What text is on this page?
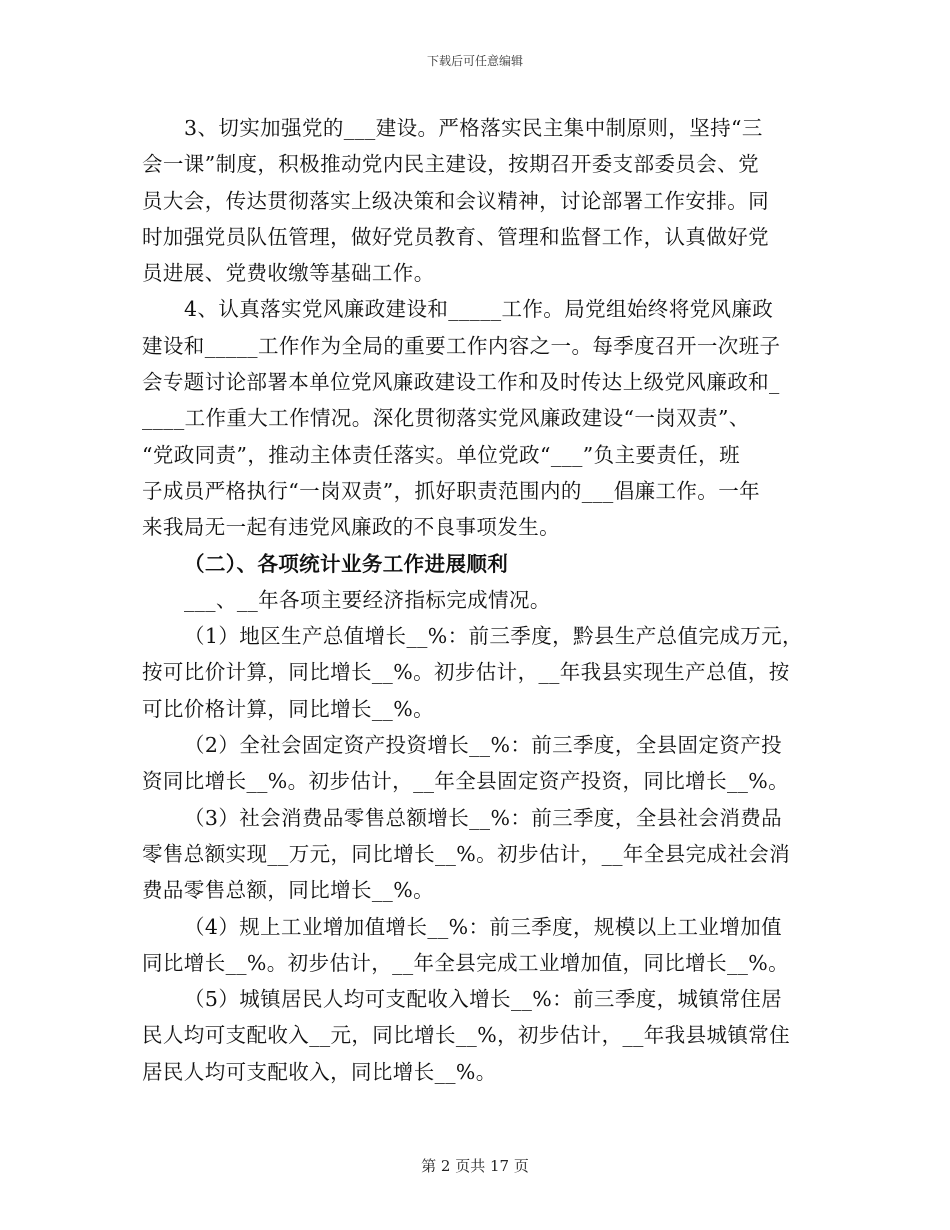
下载后可任意编辑
3、切实加强党的___建设。严格落实民主集中制原则，坚持“三
会一课”制度，积极推动党内民主建设，按期召开委支部委员会、党
员大会，传达贯彻落实上级决策和会议精神，讨论部署工作安排。同
时加强党员队伍管理，做好党员教育、管理和监督工作，认真做好党
员进展、党费收缴等基础工作。
4、认真落实党风廉政建设和_____工作。局党组始终将党风廉政
建设和_____工作作为全局的重要工作内容之一。每季度召开一次班子
会专题讨论部署本单位党风廉政建设工作和及时传达上级党风廉政和_
____工作重大工作情况。深化贯彻落实党风廉政建设“一岗双责”、
“党政同责”，推动主体责任落实。单位党政“___”负主要责任，班
子成员严格执行“一岗双责”，抓好职责范围内的___倡廉工作。一年
来我局无一起有违党风廉政的不良事项发生。
（二）、各项统计业务工作进展顺利
___、__年各项主要经济指标完成情况。
（1）地区生产总值增长__%：前三季度，黔县生产总值完成万元，
按可比价计算，同比增长__%。初步估计，__年我县实现生产总值，按
可比价格计算，同比增长__%。
（2）全社会固定资产投资增长__%：前三季度，全县固定资产投
资同比增长__%。初步估计，__年全县固定资产投资，同比增长__%。
（3）社会消费品零售总额增长__%：前三季度，全县社会消费品
零售总额实现__万元，同比增长__%。初步估计，__年全县完成社会消
费品零售总额，同比增长__%。
（4）规上工业增加值增长__%：前三季度，规模以上工业增加值
同比增长__%。初步估计，__年全县完成工业增加值，同比增长__%。
（5）城镇居民人均可支配收入增长__%：前三季度，城镇常住居
民人均可支配收入__元，同比增长__%，初步估计，__年我县城镇常住
居民人均可支配收入，同比增长__%。
第 2 页共 17 页
